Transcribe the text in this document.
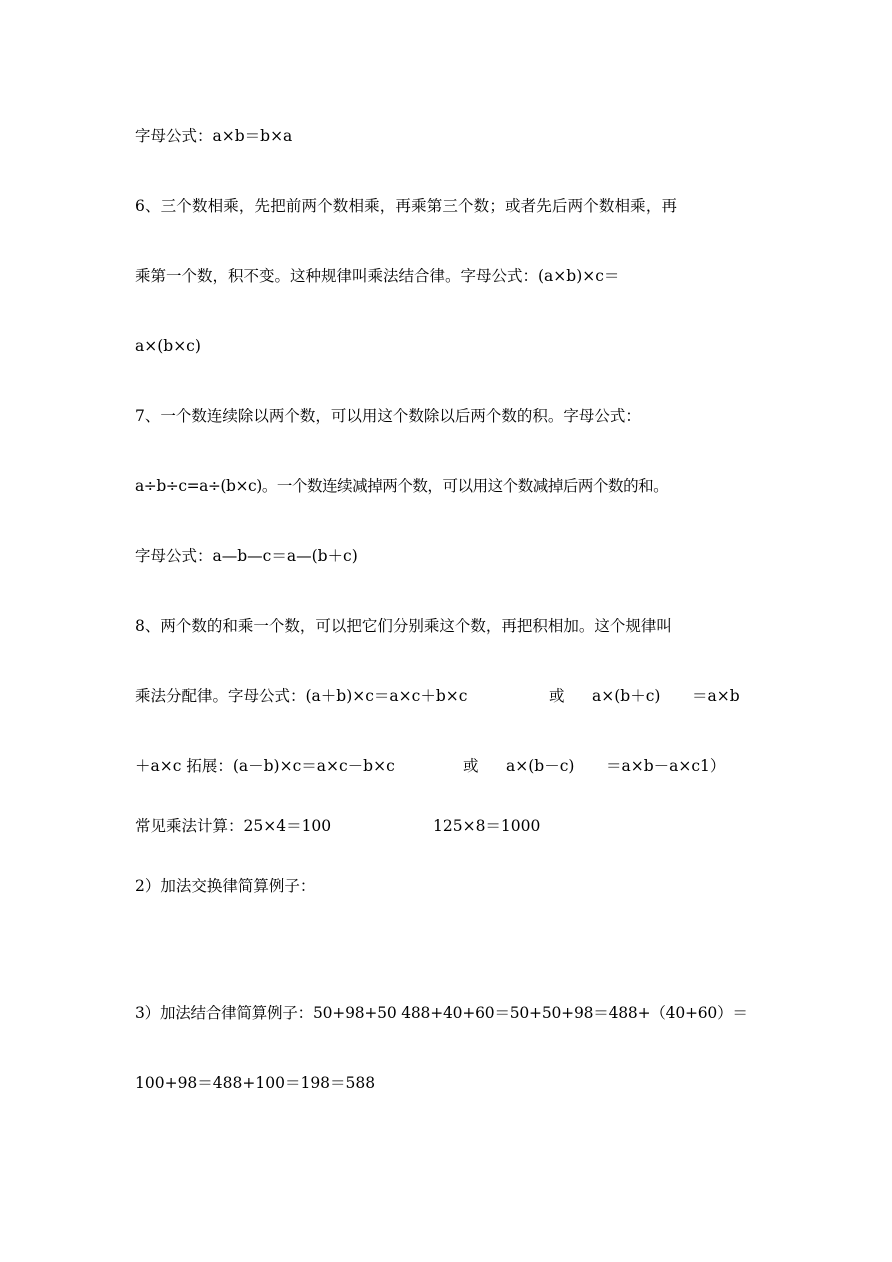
字母公式：a×b＝b×a
6、三个数相乘，先把前两个数相乘，再乘第三个数；或者先后两个数相乘，再
乘第一个数，积不变。这种规律叫乘法结合律。字母公式：(a×b)×c＝
a×(b×c)
7、一个数连续除以两个数，可以用这个数除以后两个数的积。字母公式：
a÷b÷c=a÷(b×c)。一个数连续减掉两个数，可以用这个数减掉后两个数的和。
字母公式：a—b—c＝a—(b＋c)
8、两个数的和乘一个数，可以把它们分别乘这个数，再把积相加。这个规律叫
乘法分配律。字母公式：(a＋b)×c＝a×c＋b×c	或 a×(b＋c) ＝a×b
＋a×c 拓展：(a－b)×c＝a×c－b×c	或 a×(b－c) ＝a×b－a×c1）
常见乘法计算：25×4＝100	125×8＝1000
2）加法交换律简算例子：
3）加法结合律简算例子：50+98+50 488+40+60＝50+50+98＝488+（40+60）＝
100+98＝488+100＝198＝588
